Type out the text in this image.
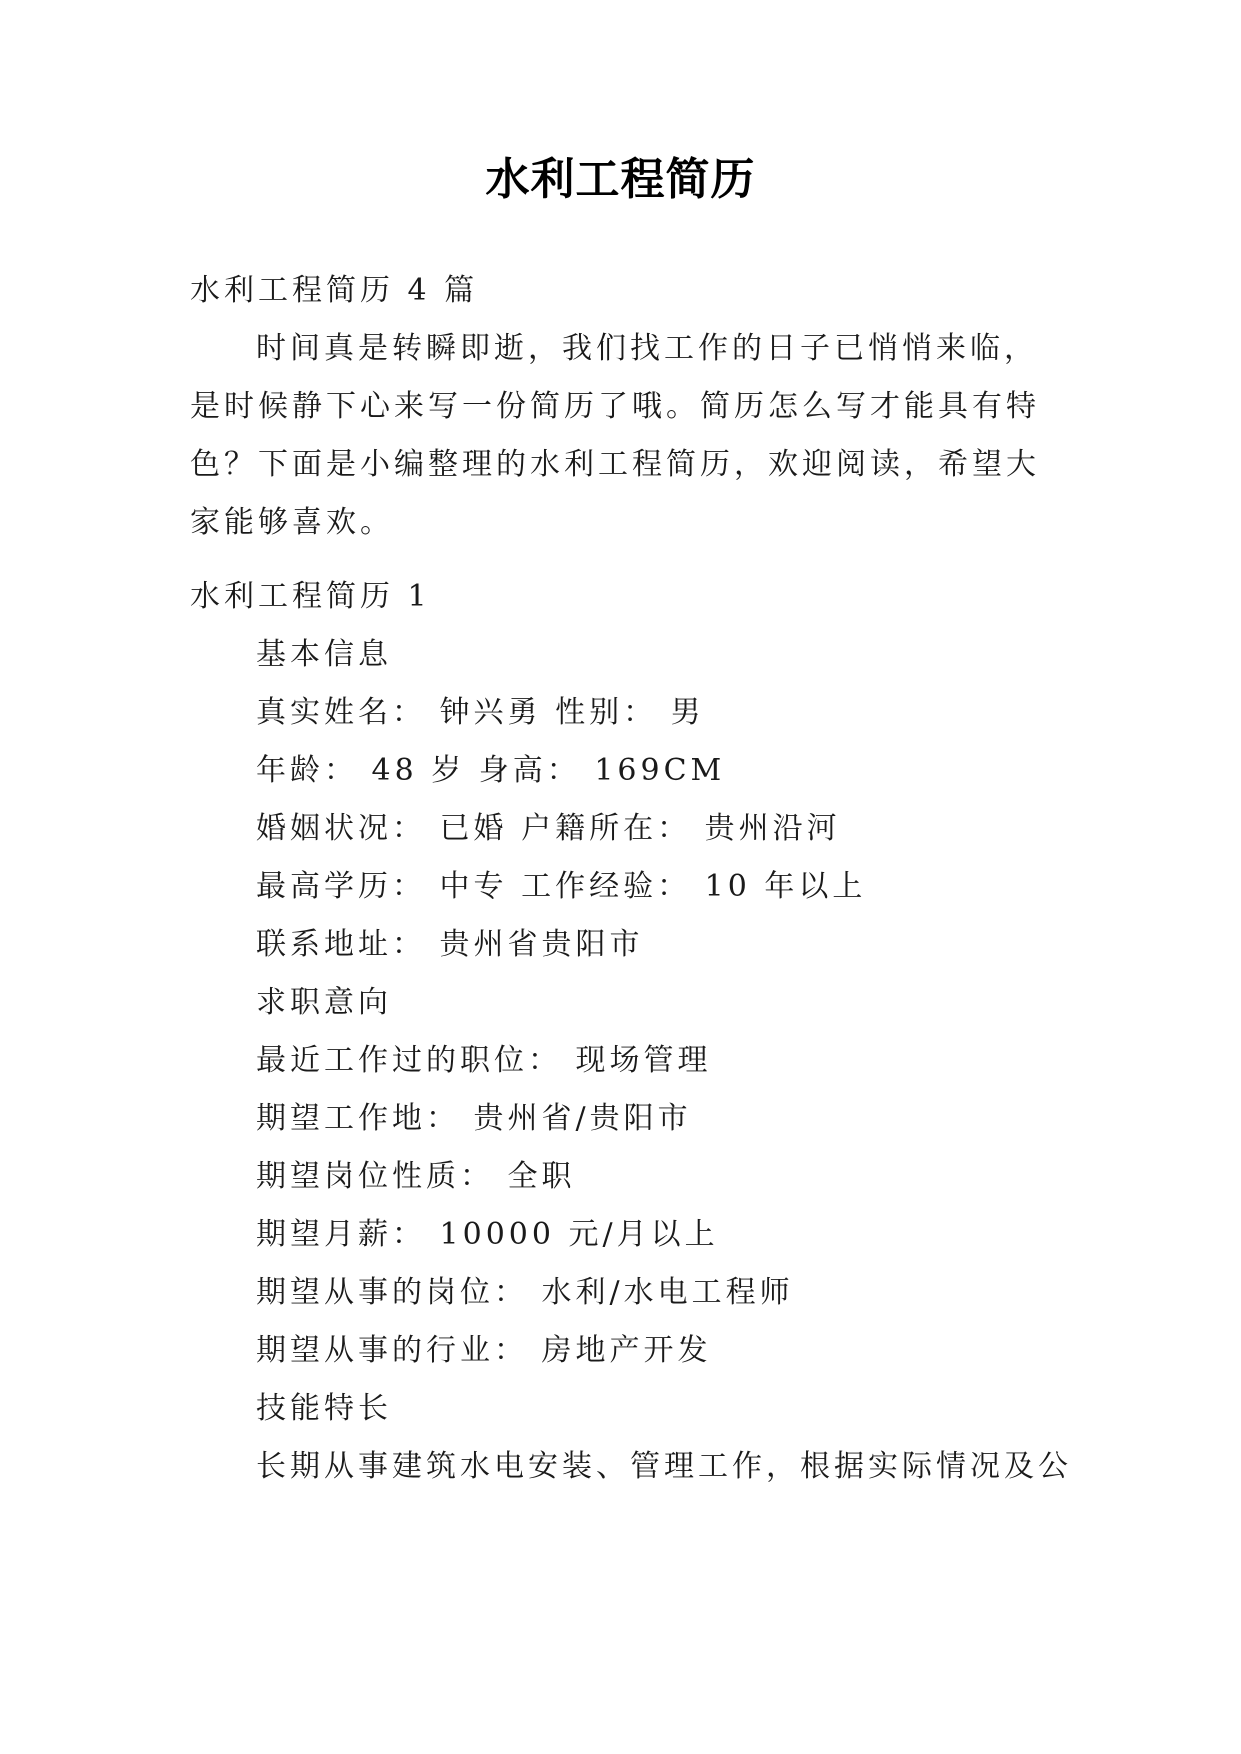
水利工程简历
水利工程简历 4 篇
时间真是转瞬即逝，我们找工作的日子已悄悄来临，是时候静下心来写一份简历了哦。简历怎么写才能具有特色？下面是小编整理的水利工程简历，欢迎阅读，希望大家能够喜欢。
水利工程简历 1
基本信息
真实姓名： 钟兴勇 性别： 男
年龄： 48 岁 身高： 169CM
婚姻状况： 已婚 户籍所在： 贵州沿河
最高学历： 中专 工作经验： 10 年以上
联系地址： 贵州省贵阳市
求职意向
最近工作过的职位： 现场管理
期望工作地： 贵州省/贵阳市
期望岗位性质： 全职
期望月薪： 10000 元/月以上
期望从事的岗位： 水利/水电工程师
期望从事的行业： 房地产开发
技能特长
长期从事建筑水电安装、管理工作，根据实际情况及公
